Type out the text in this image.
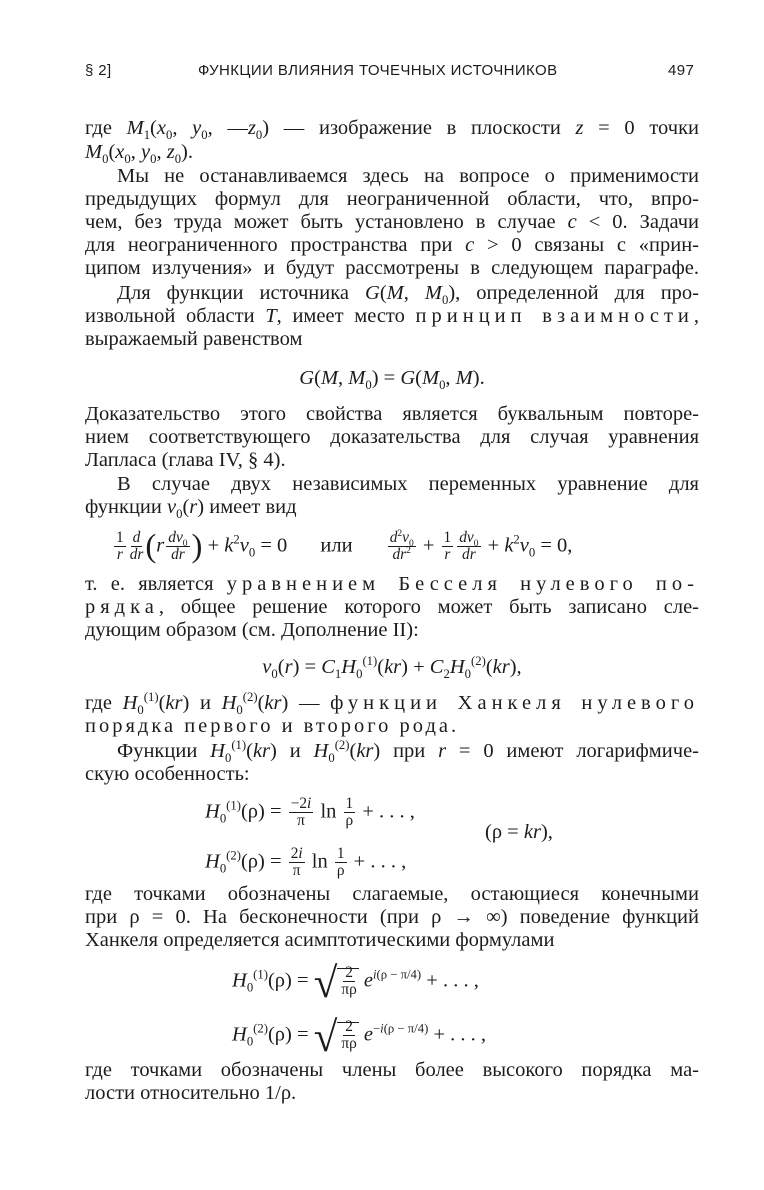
§ 2]	ФУНКЦИИ ВЛИЯНИЯ ТОЧЕЧНЫХ ИСТОЧНИКОВ	497
где $M_1(x_0$, $y_0$, $—z_0$) — изображение в плоскости z = 0 точки
$M_0(x_0$, $y_0$, $z_0$).
Мы не останавливаемся здесь на вопросе о применимости
предыдущих формул для неограниченной области, что, впро-
чем, без труда может быть установлено в случае c < 0. Задачи
для неограниченного пространства при c > 0 связаны с «прин-
ципом излучения» и будут рассмотрены в следующем параграфе.
Для функции источника G(M, $M_0$), определенной для про-
извольной области T, имеет место принцип взаимности,
выражаемый равенством
G(M, $M_0) = G(M_0$, M).
Доказательство этого свойства является буквальным повторе-
нием соответствующего доказательства для случая уравнения
Лапласа (глава IV, § 4).
В случае двух независимых переменных уравнение для
функции $v_0(r)$ имеет вид
$\frac{1}{r} \frac{d}{dr} (r \frac{dv_0}{dr}$ ) + $k^2v_0 = 0$ или $\frac{d^2v_0}{dr^2} + \frac{1}{r} \frac{dv_0}{dr} + k^2v_0 = 0$,
т. е. является уравнением Бесселя нулевого по-
рядка, общее решение которого может быть записано сле-
дующим образом (см. Дополнение II):
$v_0(r) = C_1H_0^{(1)}(kr) + C_2H_0^{(2)}(kr)$,
где $H_0^{(1)}(kr)$ и $H_0^{(2)}(kr)$ — функции Ханкеля нулевого
порядка первого и второго рода.
Функции $H_0^{(1)}(kr)$ и $H_0^{(2)}(kr)$ при r = 0 имеют логарифмиче-
скую особенность:
$H_0^{(1)}(\rho) = \frac{-2i}{\pi}$ $\ln \frac{1}{\rho}$ + . . . ,
(ρ = kr),
$H_0^{(2)}(\rho) = \frac{2i}{\pi}$ $\ln \frac{1}{\rho}$ + . . . ,
где точками обозначены слагаемые, остающиеся конечными
при ρ = 0. На бесконечности (при ρ → ∞) поведение функций
Ханкеля определяется асимптотическими формулами
$H_0^{(1)}(\rho)$ = √ $\frac{2}{\pi\rho} e^{i(\rho - \pi/4)}$ + . . . ,
$H_0^{(2)}(\rho)$ = √ $\frac{2}{\pi\rho} e^{-i(\rho - \pi/4)}$ + . . . ,
где точками обозначены члены более высокого порядка ма-
лости относительно 1/ρ.
